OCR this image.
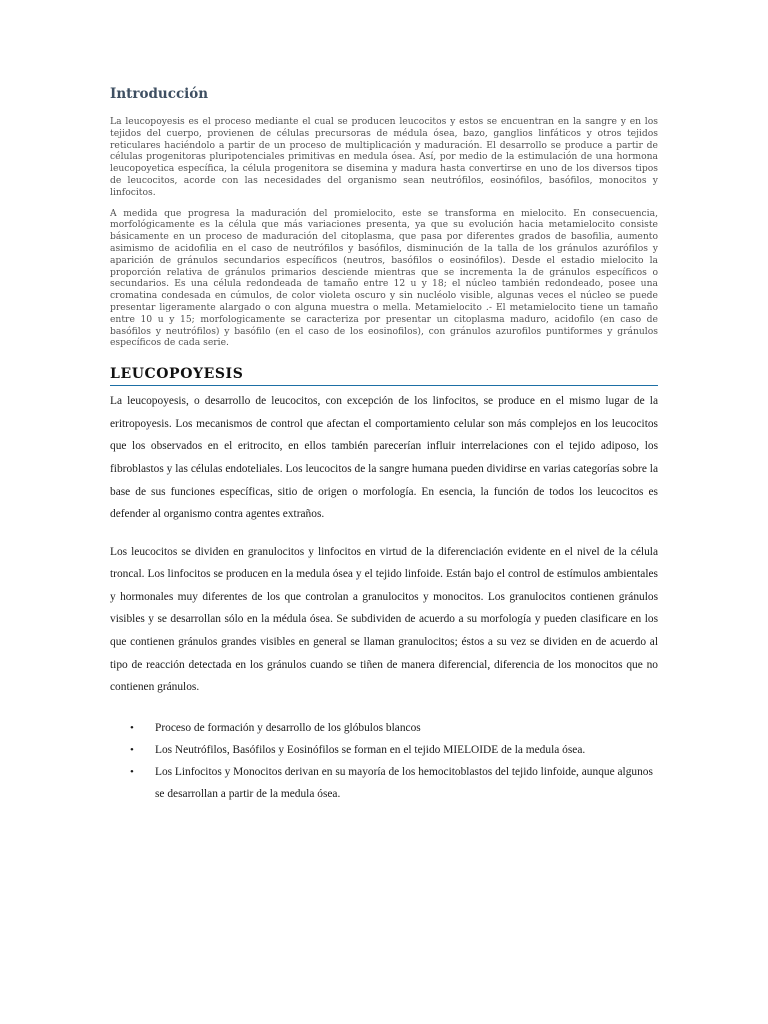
Introducción

La leucopoyesis es el proceso mediante el cual se producen leucocitos y estos se encuentran en la sangre y en los tejidos del cuerpo, provienen de células precursoras de médula ósea, bazo, ganglios linfáticos y otros tejidos reticulares haciéndolo a partir de un proceso de multiplicación y maduración. El desarrollo se produce a partir de células progenitoras pluripotenciales primitivas en medula ósea. Así, por medio de la estimulación de una hormona leucopoyetica específica, la célula progenitora se disemina y madura hasta convertirse en uno de los diversos tipos de leucocitos, acorde con las necesidades del organismo sean neutrófilos, eosinófilos, basófilos, monocitos y linfocitos.

A medida que progresa la maduración del promielocito, este se transforma en mielocito. En consecuencia, morfológicamente es la célula que más variaciones presenta, ya que su evolución hacia metamielocito consiste básicamente en un proceso de maduración del citoplasma, que pasa por diferentes grados de basofilia, aumento asimismo de acidofilia en el caso de neutrófilos y basófilos, disminución de la talla de los gránulos azurófilos y aparición de gránulos secundarios específicos (neutros, basófilos o eosinófilos). Desde el estadio mielocito la proporción relativa de gránulos primarios desciende mientras que se incrementa la de gránulos específicos o secundarios. Es una célula redondeada de tamaño entre 12 u y 18; el núcleo también redondeado, posee una cromatina condesada en cúmulos, de color violeta oscuro y sin nucléolo visible, algunas veces el núcleo se puede presentar ligeramente alargado o con alguna muestra o mella. Metamielocito .- El metamielocito tiene un tamaño entre 10 u y 15; morfologicamente se caracteriza por presentar un citoplasma maduro, acidofilo (en caso de basófilos y neutrófilos) y basófilo (en el caso de los eosinofilos), con gránulos azurofilos puntiformes y gránulos específicos de cada serie.

LEUCOPOYESIS

La leucopoyesis, o desarrollo de leucocitos, con excepción de los linfocitos, se produce en el mismo lugar de la eritropoyesis. Los mecanismos de control que afectan el comportamiento celular son más complejos en los leucocitos que los observados en el eritrocito, en ellos también parecerían influir interrelaciones con el tejido adiposo, los fibroblastos y las células endoteliales. Los leucocitos de la sangre humana pueden dividirse en varias categorías sobre la base de sus funciones específicas, sitio de origen o morfología. En esencia, la función de todos los leucocitos es defender al organismo contra agentes extraños.

Los leucocitos se dividen en granulocitos y linfocitos en virtud de la diferenciación evidente en el nivel de la célula troncal. Los linfocitos se producen en la medula ósea y el tejido linfoide. Están bajo el control de estímulos ambientales y hormonales muy diferentes de los que controlan a granulocitos y monocitos. Los granulocitos contienen gránulos visibles y se desarrollan sólo en la médula ósea. Se subdividen de acuerdo a su morfología y pueden clasificare en los que contienen gránulos grandes visibles en general se llaman granulocitos; éstos a su vez se dividen en de acuerdo al tipo de reacción detectada en los gránulos cuando se tiñen de manera diferencial, diferencia de los monocitos que no contienen gránulos.

• Proceso de formación y desarrollo de los glóbulos blancos
• Los Neutrófilos, Basófilos y Eosinófilos se forman en el tejido MIELOIDE de la medula ósea.
• Los Linfocitos y Monocitos derivan en su mayoría de los hemocitoblastos del tejido linfoide, aunque algunos se desarrollan a partir de la medula ósea.
